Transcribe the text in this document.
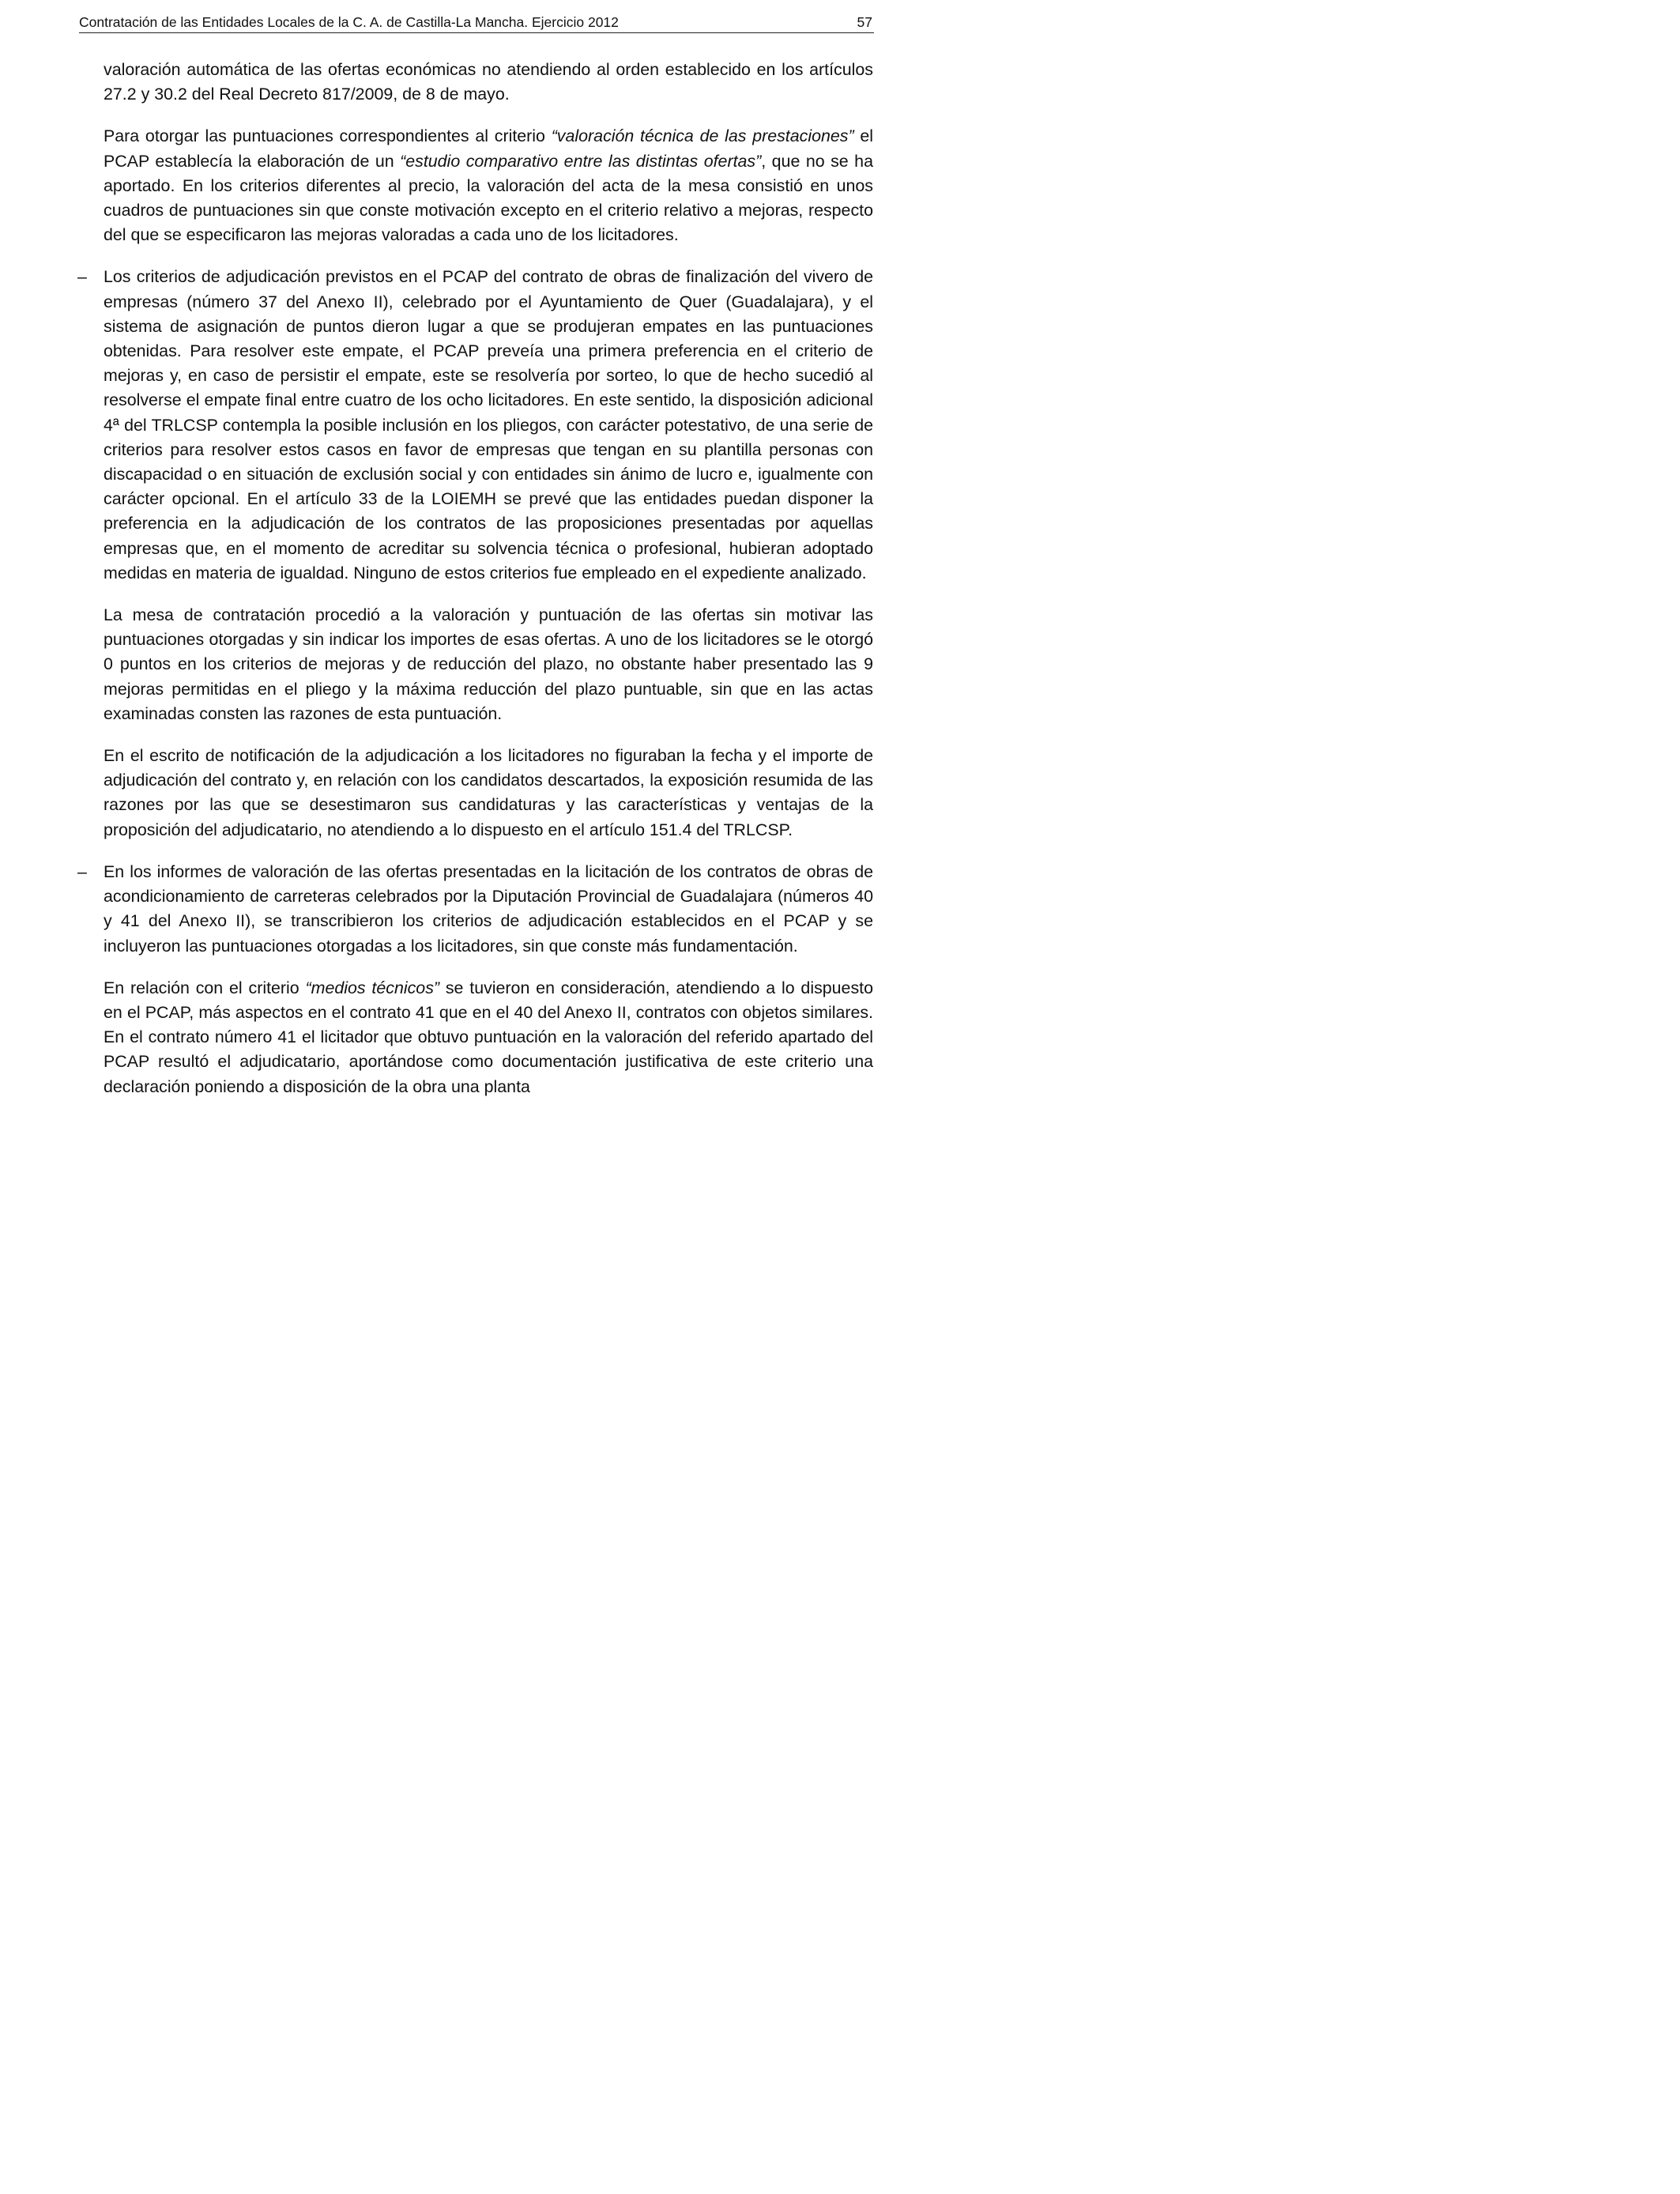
Contratación de las Entidades Locales de la C. A. de Castilla-La Mancha. Ejercicio 2012	57

valoración automática de las ofertas económicas no atendiendo al orden establecido en los artículos 27.2 y 30.2 del Real Decreto 817/2009, de 8 de mayo.

Para otorgar las puntuaciones correspondientes al criterio “valoración técnica de las prestaciones” el PCAP establecía la elaboración de un “estudio comparativo entre las distintas ofertas”, que no se ha aportado. En los criterios diferentes al precio, la valoración del acta de la mesa consistió en unos cuadros de puntuaciones sin que conste motivación excepto en el criterio relativo a mejoras, respecto del que se especificaron las mejoras valoradas a cada uno de los licitadores.

– Los criterios de adjudicación previstos en el PCAP del contrato de obras de finalización del vivero de empresas (número 37 del Anexo II), celebrado por el Ayuntamiento de Quer (Guadalajara), y el sistema de asignación de puntos dieron lugar a que se produjeran empates en las puntuaciones obtenidas. Para resolver este empate, el PCAP preveía una primera preferencia en el criterio de mejoras y, en caso de persistir el empate, este se resolvería por sorteo, lo que de hecho sucedió al resolverse el empate final entre cuatro de los ocho licitadores. En este sentido, la disposición adicional 4ª del TRLCSP contempla la posible inclusión en los pliegos, con carácter potestativo, de una serie de criterios para resolver estos casos en favor de empresas que tengan en su plantilla personas con discapacidad o en situación de exclusión social y con entidades sin ánimo de lucro e, igualmente con carácter opcional. En el artículo 33 de la LOIEMH se prevé que las entidades puedan disponer la preferencia en la adjudicación de los contratos de las proposiciones presentadas por aquellas empresas que, en el momento de acreditar su solvencia técnica o profesional, hubieran adoptado medidas en materia de igualdad. Ninguno de estos criterios fue empleado en el expediente analizado.

La mesa de contratación procedió a la valoración y puntuación de las ofertas sin motivar las puntuaciones otorgadas y sin indicar los importes de esas ofertas. A uno de los licitadores se le otorgó 0 puntos en los criterios de mejoras y de reducción del plazo, no obstante haber presentado las 9 mejoras permitidas en el pliego y la máxima reducción del plazo puntuable, sin que en las actas examinadas consten las razones de esta puntuación.

En el escrito de notificación de la adjudicación a los licitadores no figuraban la fecha y el importe de adjudicación del contrato y, en relación con los candidatos descartados, la exposición resumida de las razones por las que se desestimaron sus candidaturas y las características y ventajas de la proposición del adjudicatario, no atendiendo a lo dispuesto en el artículo 151.4 del TRLCSP.

– En los informes de valoración de las ofertas presentadas en la licitación de los contratos de obras de acondicionamiento de carreteras celebrados por la Diputación Provincial de Guadalajara (números 40 y 41 del Anexo II), se transcribieron los criterios de adjudicación establecidos en el PCAP y se incluyeron las puntuaciones otorgadas a los licitadores, sin que conste más fundamentación.

En relación con el criterio “medios técnicos” se tuvieron en consideración, atendiendo a lo dispuesto en el PCAP, más aspectos en el contrato 41 que en el 40 del Anexo II, contratos con objetos similares. En el contrato número 41 el licitador que obtuvo puntuación en la valoración del referido apartado del PCAP resultó el adjudicatario, aportándose como documentación justificativa de este criterio una declaración poniendo a disposición de la obra una planta
